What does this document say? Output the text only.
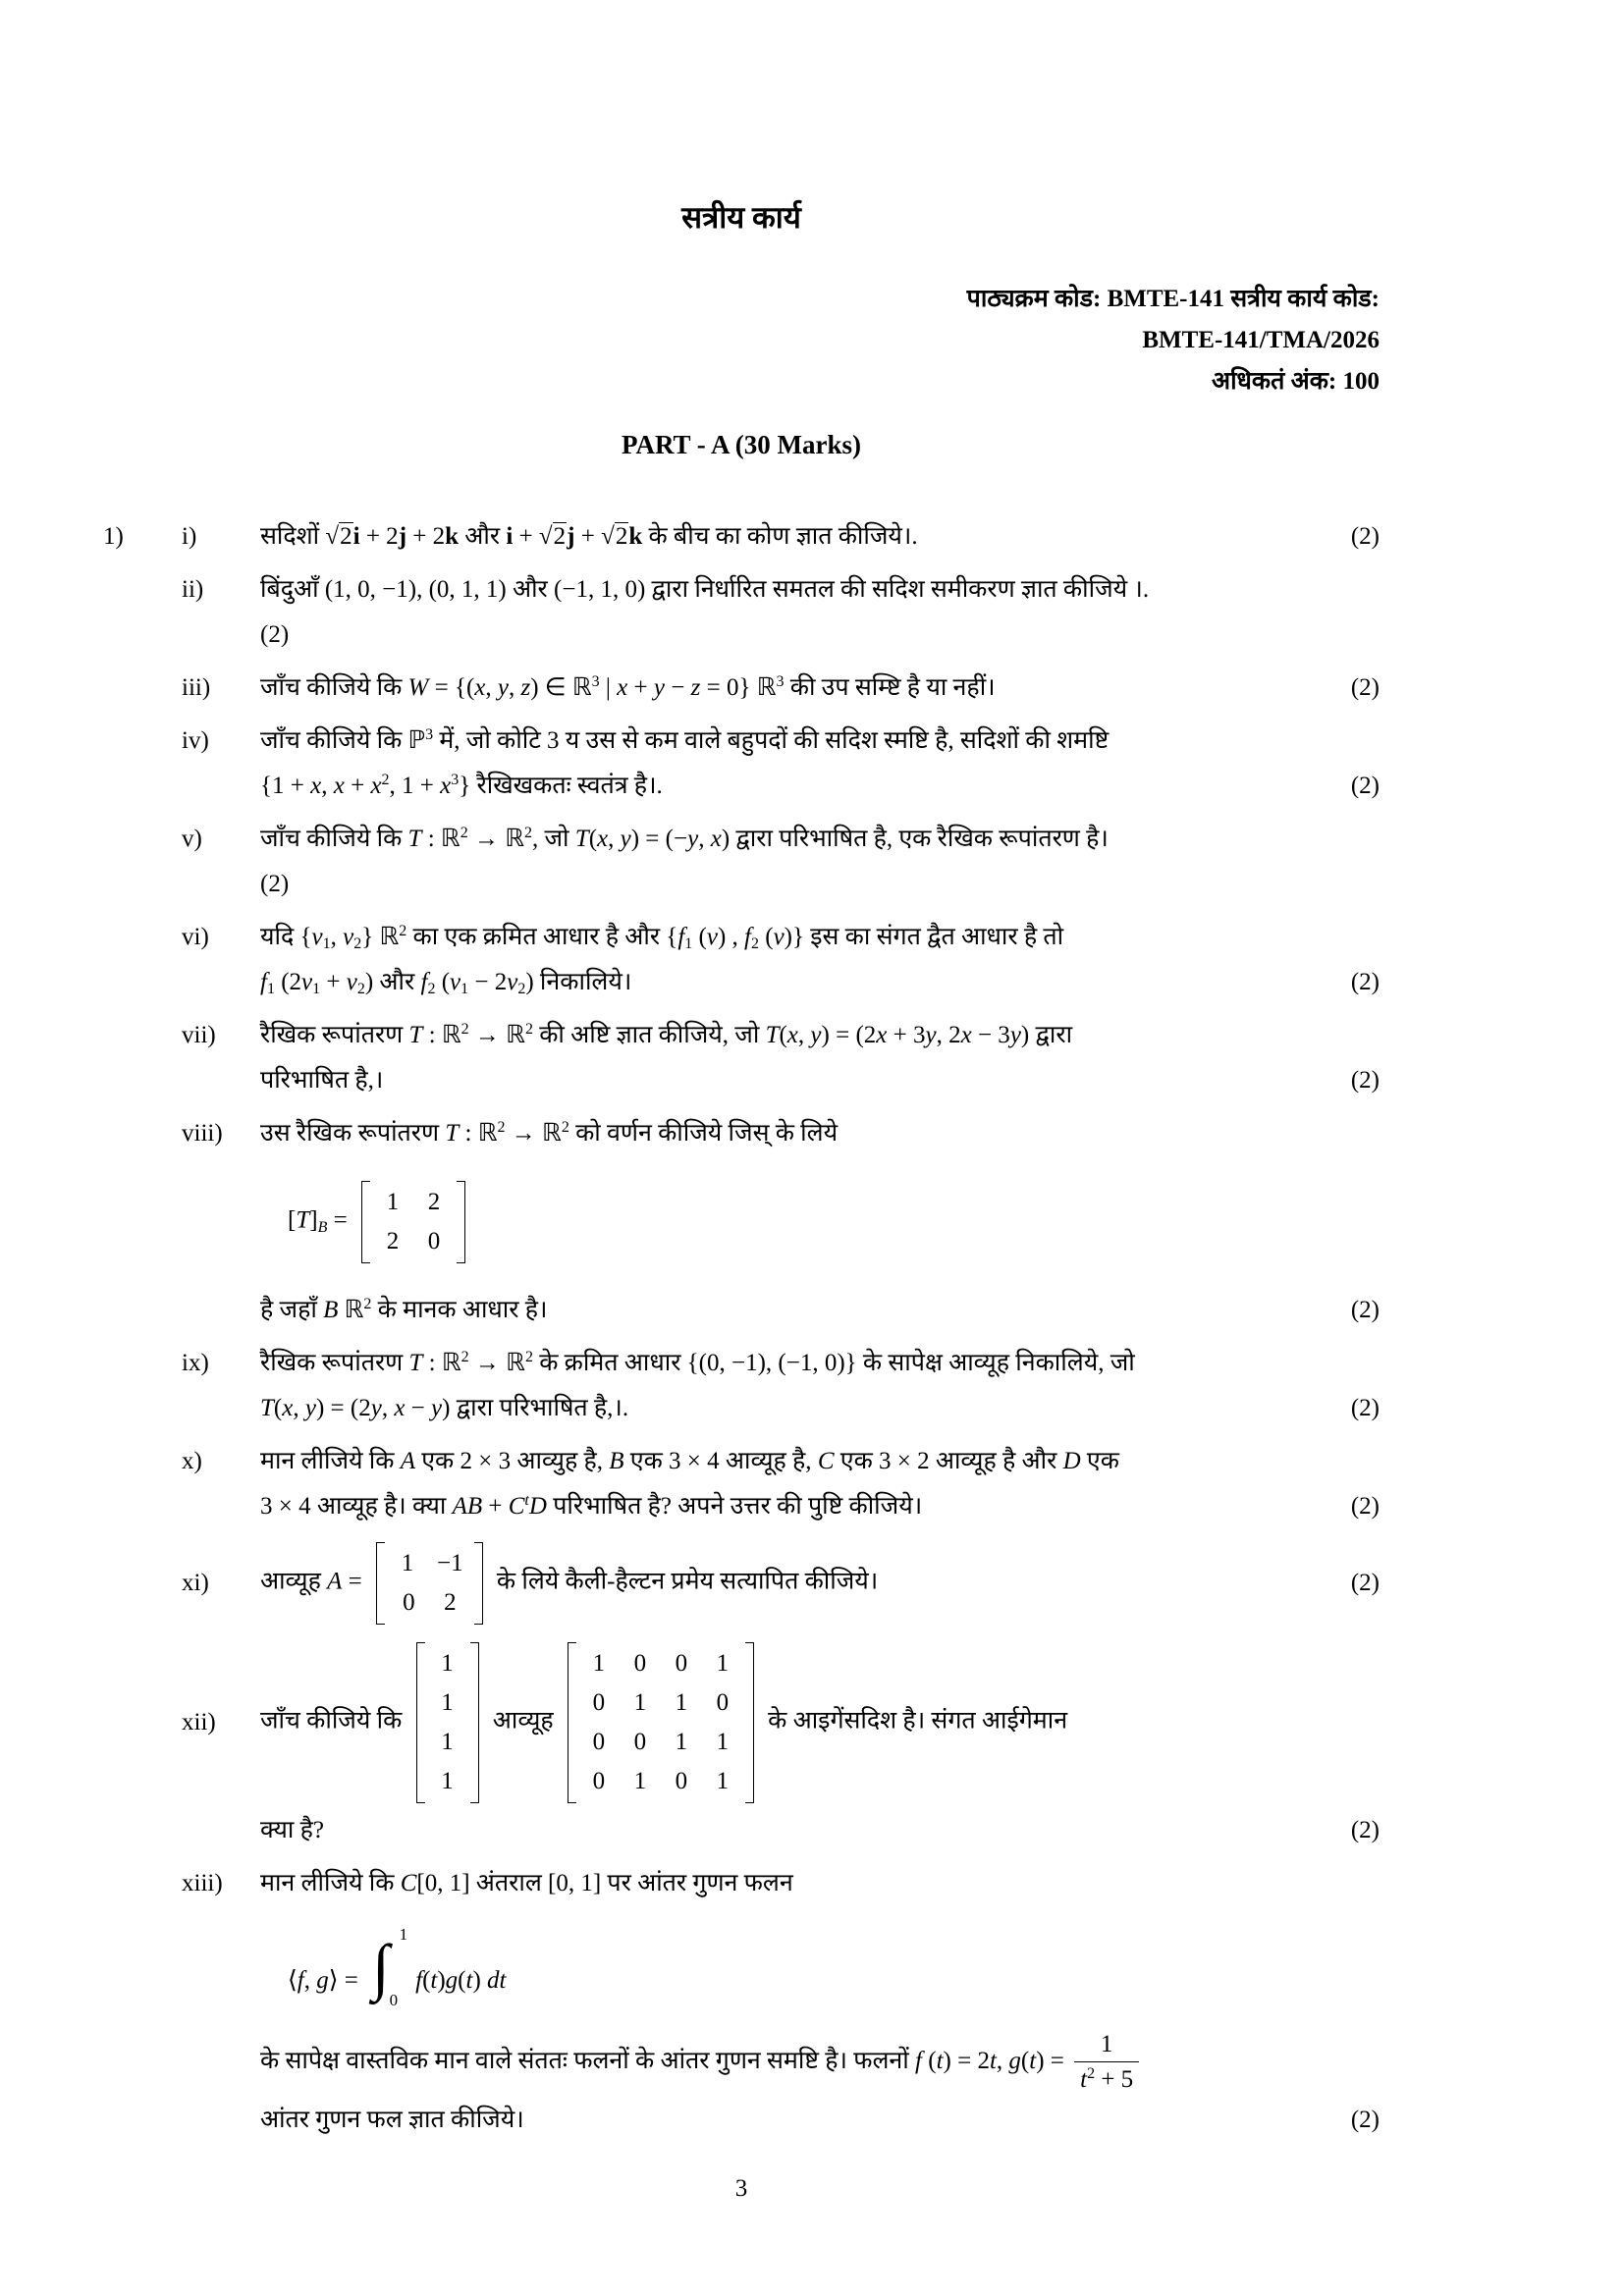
सत्रीय कार्य
पाठ्यक्रम कोड: BMTE-141 सत्रीय कार्य कोड:
BMTE-141/TMA/2026
अधिकतं अंक: 100
PART - A (30 Marks)
1)	i)	सदिशों √2i + 2j + 2k और i + √2j + √2k के बीच का कोण ज्ञात कीजिये।.	(2)
ii)	बिंदुआँ (1, 0, −1), (0, 1, 1) और (−1, 1, 0) द्वारा निर्धारित समतल की सदिश समीकरण ज्ञात कीजिये ।.
(2)
iii)	जाँच कीजिये कि W = {(x, y, z) ∈ ℝ$^3$ | x + y − z = 0} ℝ$^3$ की उप सम्ष्टि है या नहीं।	(2)
iv)	जाँच कीजिये कि ℙ$^3$ में, जो कोटि 3 य उस से कम वाले बहुपदों की सदिश स्मष्टि है, सदिशों की शमष्टि
{1 + x, $x + x^2$, $1 + x^3$} रैखिखकतः स्वतंत्र है।.	(2)
v)	जाँच कीजिये कि T : ℝ$^2$ → ℝ$^2$, जो T(x, y) = (−y, x) द्वारा परिभाषित है, एक रैखिक रूपांतरण है।
(2)
vi)	यदि {$v_1$, $v_2$} ℝ$^2$ का एक क्रमित आधार है और {$f_1$ (v) , $f_2$ (v)} इस का संगत द्वैत आधार है तो
$f_1$ $(2v_1 + v_2)$ और $f_2$ $(v_1 - 2v_2)$ निकालिये।	(2)
vii)	रैखिक रूपांतरण T : ℝ$^2$ → ℝ$^2$ की अष्टि ज्ञात कीजिये, जो T(x, y) = (2x + 3y, 2x − 3y) द्वारा
परिभाषित है,।	(2)
viii)	उस रैखिक रूपांतरण T : ℝ$^2$ → ℝ$^2$ को वर्णन कीजिये जिस् के लिये
$[T]_B$ =
1	2
2	0
है जहाँ B ℝ$^2$ के मानक आधार है।	(2)
ix)	रैखिक रूपांतरण T : ℝ$^2$ → ℝ$^2$ के क्रमित आधार {(0, −1), (−1, 0)} के सापेक्ष आव्यूह निकालिये, जो
T(x, y) = (2y, x − y) द्वारा परिभाषित है,।.	(2)
x)	मान लीजिये कि A एक 2 × 3 आव्युह है, B एक 3 × 4 आव्यूह है, C एक 3 × 2 आव्यूह है और D एक
3 × 4 आव्यूह है। क्या AB + $C^tD$ परिभाषित है? अपने उत्तर की पुष्टि कीजिये।	(2)
xi)	आव्यूह A =
1 −1
0	2
के लिये कैली-हैल्टन प्रमेय सत्यापित कीजिये।	(2)
xii)	जाँच कीजिये कि
1
1
1
1
आव्यूह
1	0	0	1
0	1	1	0
0	0	1	1
0	1	0	1
के आइगेंसदिश है। संगत आईगेमान
क्या है?	(2)
xiii)	मान लीजिये कि C[0, 1] अंतराल [0, 1] पर आंतर गुणन फलन
⟨f, g⟩ = ∫ 1
0
f(t)g(t) dt
के सापेक्ष वास्तविक मान वाले संततः फलनों के आंतर गुणन समष्टि है। फलनों f (t) = 2t, $g(t) = \frac{1}{t^2 + 5}$
आंतर गुणन फल ज्ञात कीजिये।	(2)
3
